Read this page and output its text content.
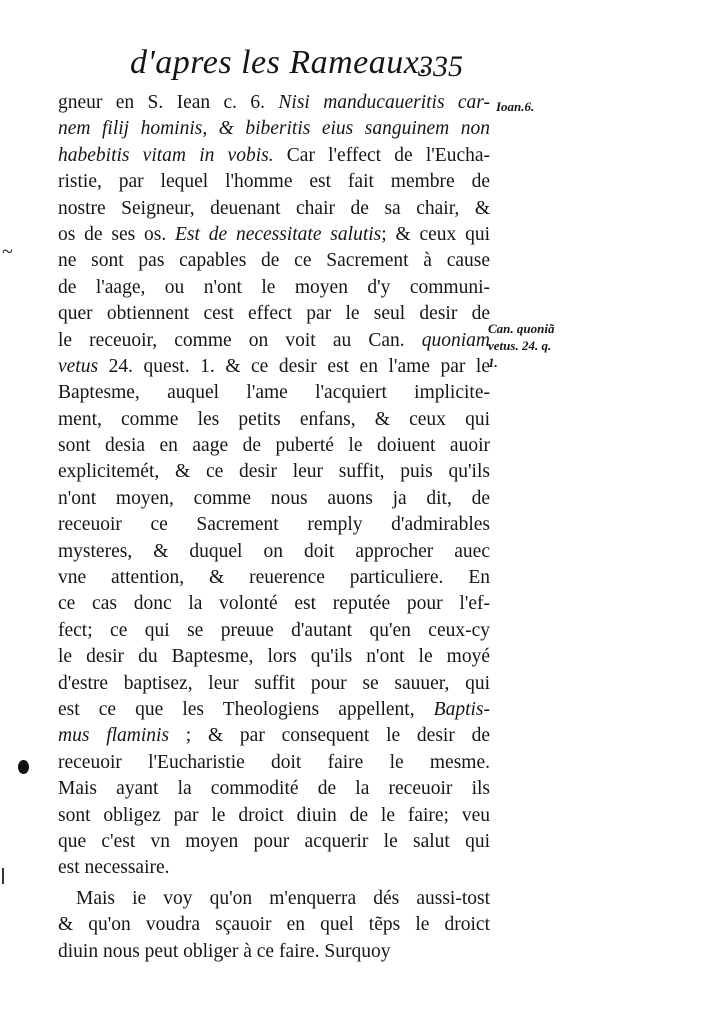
d'apres les Rameaux.
335
gneur en S. Iean c. 6. Nisi manducaueritis car-
nem filij hominis, & biberitis eius sanguinem non
habebitis vitam in vobis. Car l'effect de l'Eucha-
ristie, par lequel l'homme est fait membre de
nostre Seigneur, deuenant chair de sa chair, &
os de ses os. Est de necessitate salutis; & ceux qui
ne sont pas capables de ce Sacrement à cause
de l'aage, ou n'ont le moyen d'y communi-
quer obtiennent cest effect par le seul desir de
le receuoir, comme on voit au Can. quoniam
vetus 24. quest. 1. & ce desir est en l'ame par le
Baptesme, auquel l'ame l'acquiert implicite-
ment, comme les petits enfans, & ceux qui
sont desia en aage de puberté le doiuent auoir
explicitemét, & ce desir leur suffit, puis qu'ils
n'ont moyen, comme nous auons ja dit, de
receuoir ce Sacrement remply d'admirables
mysteres, & duquel on doit approcher auec
vne attention, & reuerence particuliere. En
ce cas donc la volonté est reputée pour l'ef-
fect; ce qui se preuue d'autant qu'en ceux-cy
le desir du Baptesme, lors qu'ils n'ont le moyé
d'estre baptisez, leur suffit pour se sauuer, qui
est ce que les Theologiens appellent, Baptis-
mus flaminis ; & par consequent le desir de
receuoir l'Eucharistie doit faire le mesme.
Mais ayant la commodité de la receuoir ils
sont obligez par le droict diuin de le faire; veu
que c'est vn moyen pour acquerir le salut qui
est necessaire.
Mais ie voy qu'on m'enquerra dés aussi-tost
& qu'on voudra sçauoir en quel tẽps le droict
diuin nous peut obliger à ce faire. Surquoy
Ioan.6.
Can. quoniã
vetus. 24. q.
1.
~
